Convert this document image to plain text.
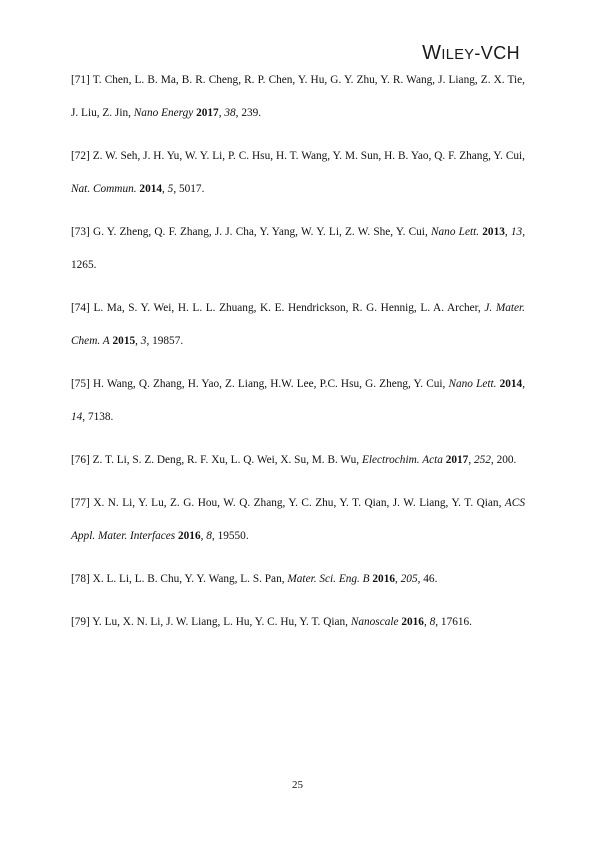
WILEY-VCH
[71] T. Chen, L. B. Ma, B. R. Cheng, R. P. Chen, Y. Hu, G. Y. Zhu, Y. R. Wang, J. Liang, Z. X. Tie, J. Liu, Z. Jin, Nano Energy 2017, 38, 239.
[72] Z. W. Seh, J. H. Yu, W. Y. Li, P. C. Hsu, H. T. Wang, Y. M. Sun, H. B. Yao, Q. F. Zhang, Y. Cui, Nat. Commun. 2014, 5, 5017.
[73] G. Y. Zheng, Q. F. Zhang, J. J. Cha, Y. Yang, W. Y. Li, Z. W. She, Y. Cui, Nano Lett. 2013, 13, 1265.
[74] L. Ma, S. Y. Wei, H. L. L. Zhuang, K. E. Hendrickson, R. G. Hennig, L. A. Archer, J. Mater. Chem. A 2015, 3, 19857.
[75] H. Wang, Q. Zhang, H. Yao, Z. Liang, H.W. Lee, P.C. Hsu, G. Zheng, Y. Cui, Nano Lett. 2014, 14, 7138.
[76] Z. T. Li, S. Z. Deng, R. F. Xu, L. Q. Wei, X. Su, M. B. Wu, Electrochim. Acta 2017, 252, 200.
[77] X. N. Li, Y. Lu, Z. G. Hou, W. Q. Zhang, Y. C. Zhu, Y. T. Qian, J. W. Liang, Y. T. Qian, ACS Appl. Mater. Interfaces 2016, 8, 19550.
[78] X. L. Li, L. B. Chu, Y. Y. Wang, L. S. Pan, Mater. Sci. Eng. B 2016, 205, 46.
[79] Y. Lu, X. N. Li, J. W. Liang, L. Hu, Y. C. Hu, Y. T. Qian, Nanoscale 2016, 8, 17616.
25
